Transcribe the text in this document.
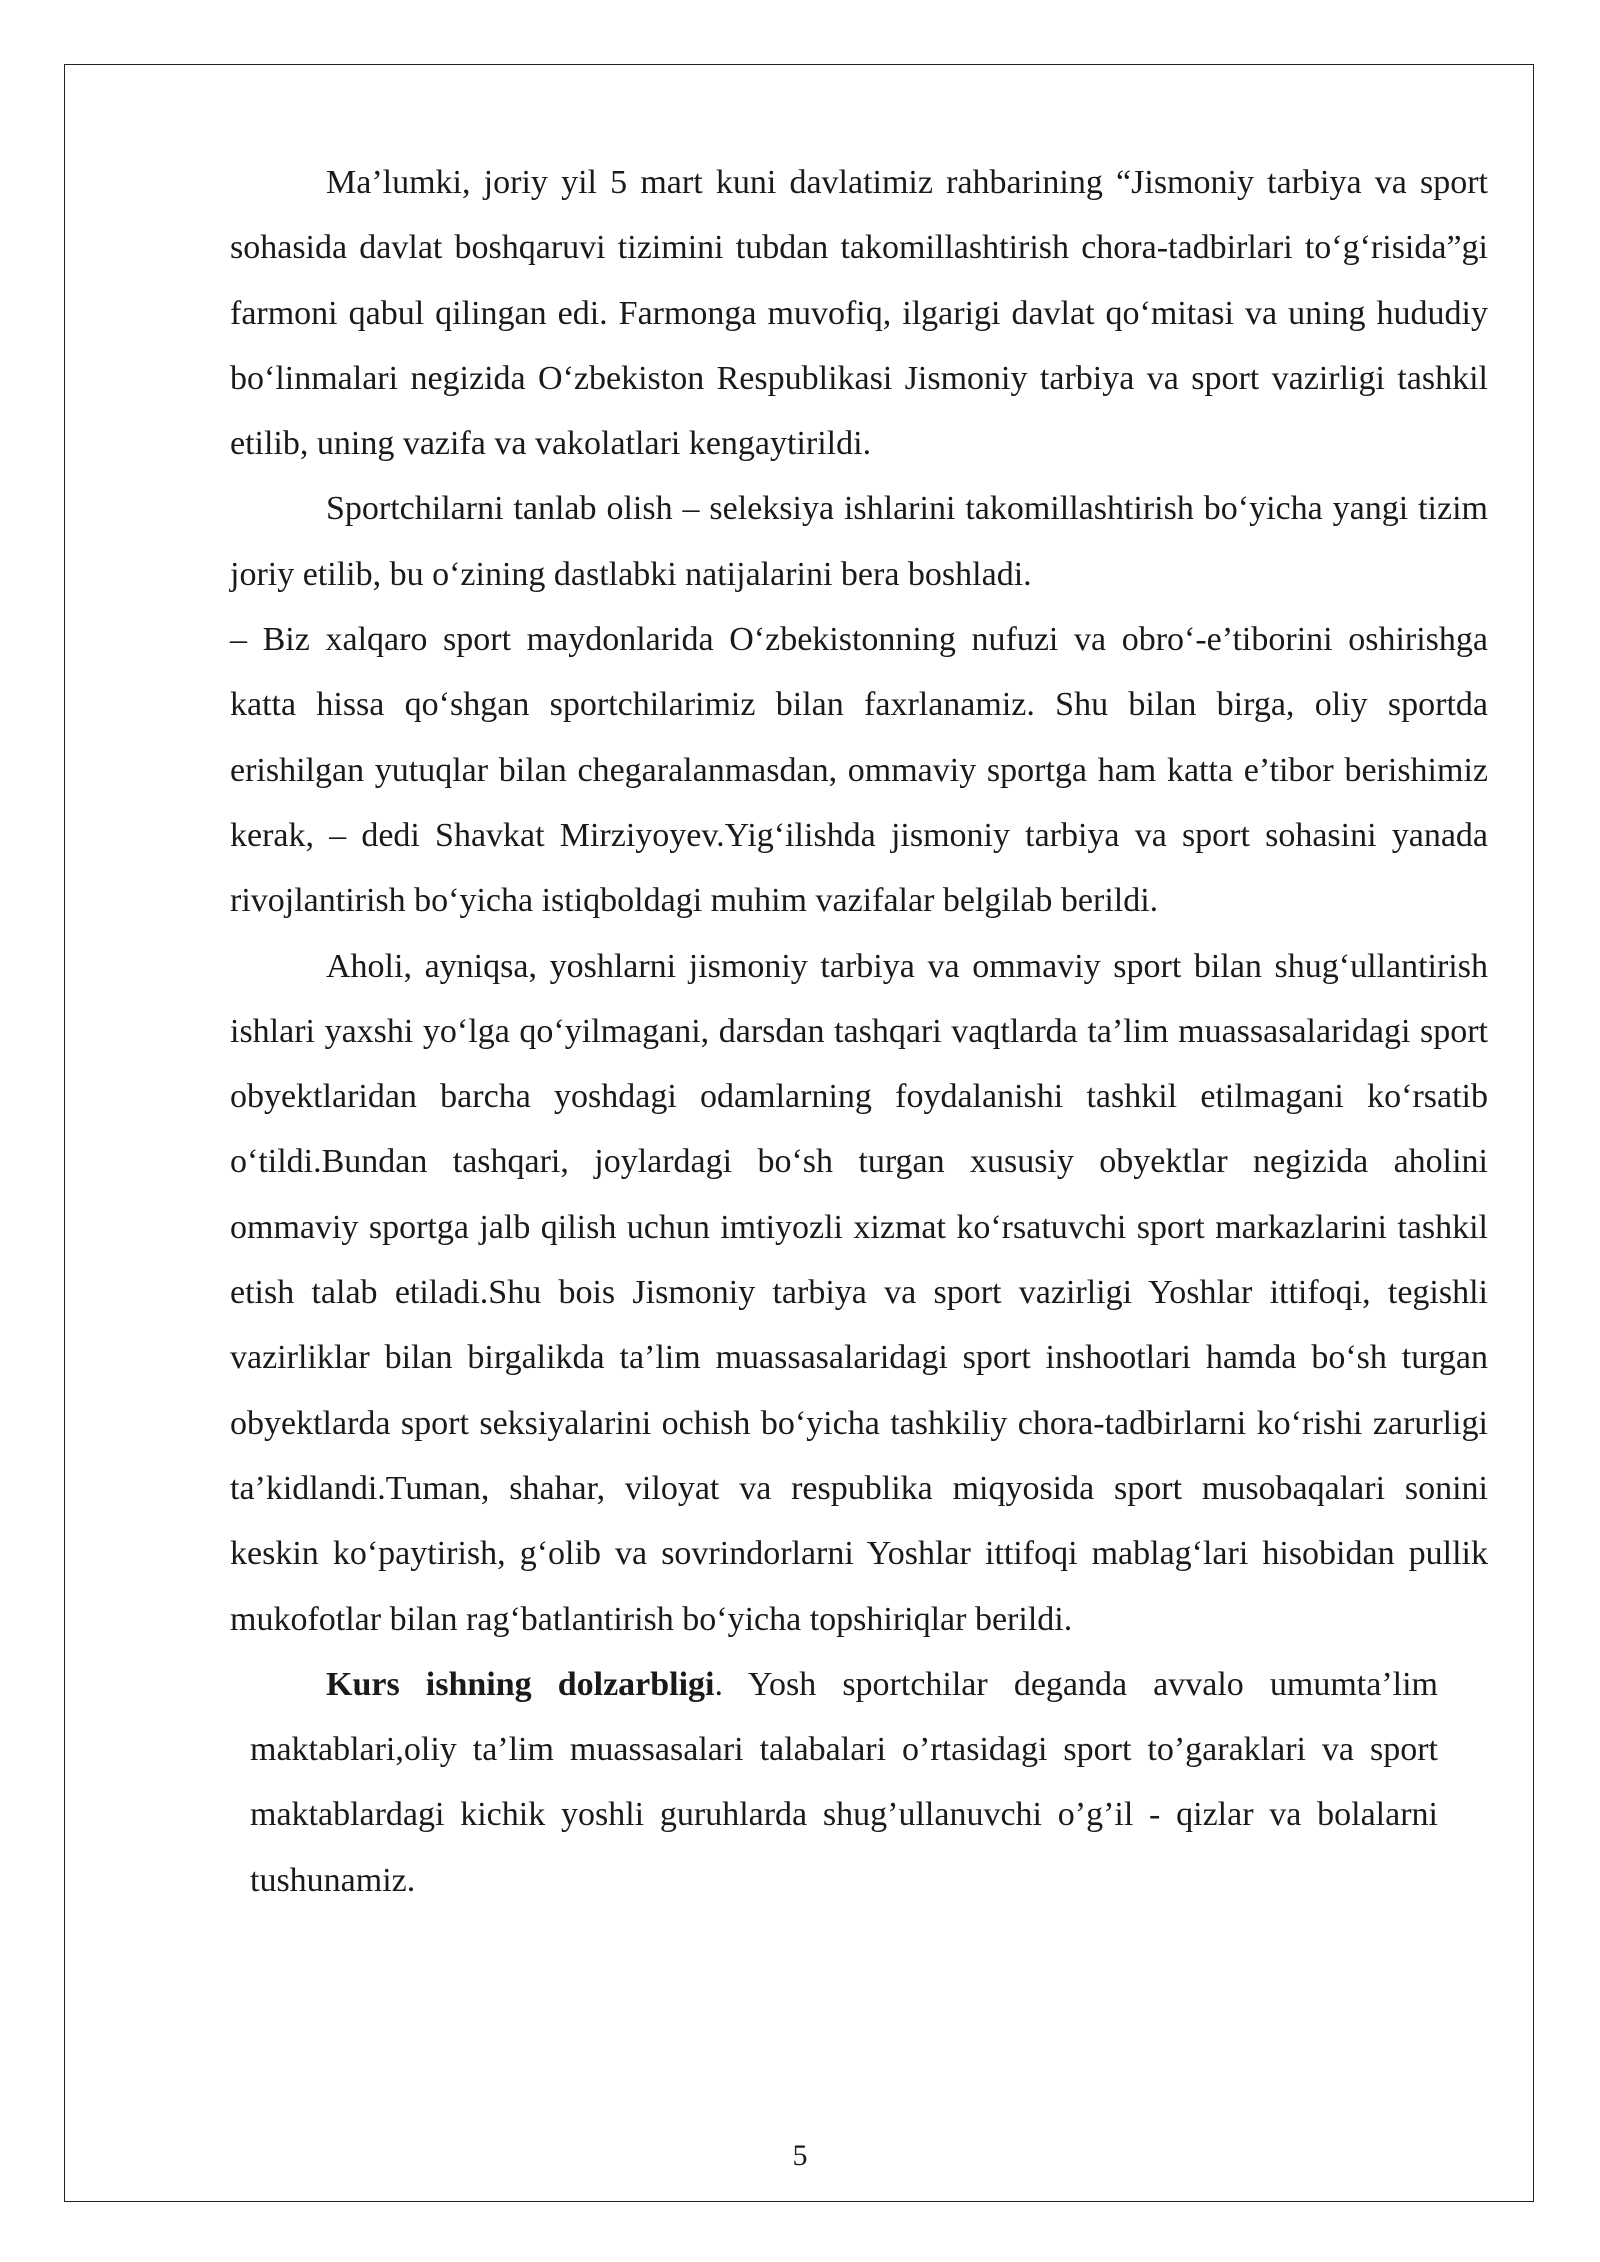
Ma’lumki, joriy yil 5 mart kuni davlatimiz rahbarining “Jismoniy tarbiya va sport sohasida davlat boshqaruvi tizimini tubdan takomillashtirish chora-tadbirlari to‘g‘risida”gi farmoni qabul qilingan edi. Farmonga muvofiq, ilgarigi davlat qo‘mitasi va uning hududiy bo‘linmalari negizida O‘zbekiston Respublikasi Jismoniy tarbiya va sport vazirligi tashkil etilib, uning vazifa va vakolatlari kengaytirildi.

Sportchilarni tanlab olish – seleksiya ishlarini takomillashtirish bo‘yicha yangi tizim joriy etilib, bu o‘zining dastlabki natijalarini bera boshladi.

– Biz xalqaro sport maydonlarida O‘zbekistonning nufuzi va obro‘-e’tiborini oshirishga katta hissa qo‘shgan sportchilarimiz bilan faxrlanamiz. Shu bilan birga, oliy sportda erishilgan yutuqlar bilan chegaralanmasdan, ommaviy sportga ham katta e’tibor berishimiz kerak, – dedi Shavkat Mirziyoyev.Yig‘ilishda jismoniy tarbiya va sport sohasini yanada rivojlantirish bo‘yicha istiqboldagi muhim vazifalar belgilab berildi.

Aholi, ayniqsa, yoshlarni jismoniy tarbiya va ommaviy sport bilan shug‘ullantirish ishlari yaxshi yo‘lga qo‘yilmagani, darsdan tashqari vaqtlarda ta’lim muassasalaridagi sport obyektlaridan barcha yoshdagi odamlarning foydalanishi tashkil etilmagani ko‘rsatib o‘tildi.Bundan tashqari, joylardagi bo‘sh turgan xususiy obyektlar negizida aholini ommaviy sportga jalb qilish uchun imtiyozli xizmat ko‘rsatuvchi sport markazlarini tashkil etish talab etiladi.Shu bois Jismoniy tarbiya va sport vazirligi Yoshlar ittifoqi, tegishli vazirliklar bilan birgalikda ta’lim muassasalaridagi sport inshootlari hamda bo‘sh turgan obyektlarda sport seksiyalarini ochish bo‘yicha tashkiliy chora-tadbirlarni ko‘rishi zarurligi ta’kidlandi.Tuman, shahar, viloyat va respublika miqyosida sport musobaqalari sonini keskin ko‘paytirish, g‘olib va sovrindorlarni Yoshlar ittifoqi mablag‘lari hisobidan pullik mukofotlar bilan rag‘batlantirish bo‘yicha topshiriqlar berildi.

Kurs ishning dolzarbligi. Yosh sportchilar deganda avvalo umumta’lim maktablari,oliy ta’lim muassasalari talabalari o’rtasidagi sport to’garaklari va sport maktablardagi kichik yoshli guruhlarda shug’ullanuvchi o’g’il - qizlar va bolalarni tushunamiz.

5
